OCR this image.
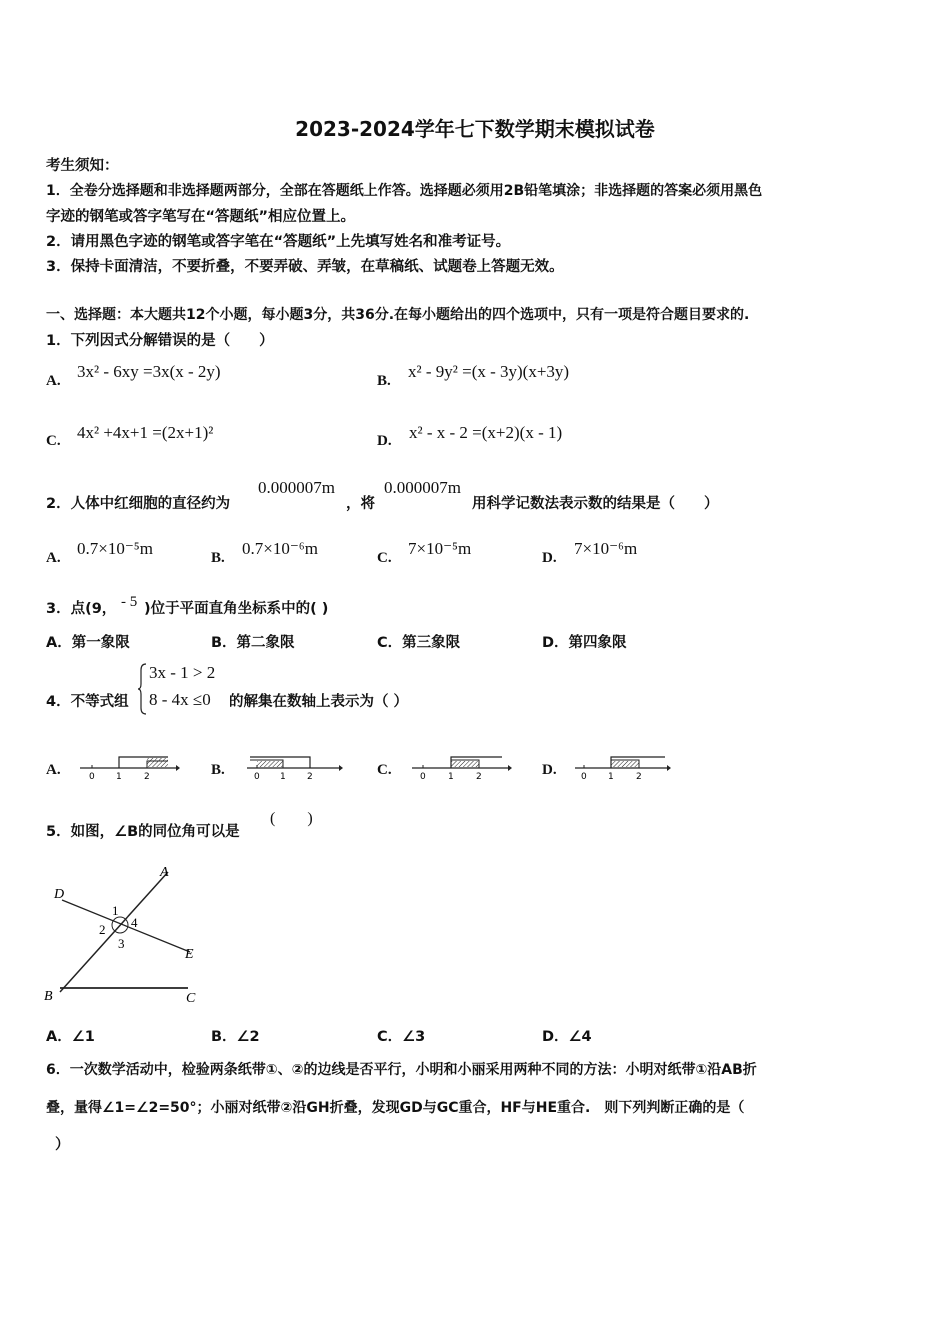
2023-2024学年七下数学期末模拟试卷
考生须知：
1．全卷分选择题和非选择题两部分，全部在答题纸上作答。选择题必须用2B铅笔填涂；非选择题的答案必须用黑色
字迹的钢笔或答字笔写在“答题纸”相应位置上。
2．请用黑色字迹的钢笔或答字笔在“答题纸”上先填写姓名和准考证号。
3．保持卡面清洁，不要折叠，不要弄破、弄皱，在草稿纸、试题卷上答题无效。
一、选择题：本大题共12个小题，每小题3分，共36分.在每小题给出的四个选项中，只有一项是符合题目要求的.
1．下列因式分解错误的是（　　）
A. 3x² - 6xy =3x(x - 2y)	B. x² - 9y² =(x - 3y)(x+3y)
C. 4x² +4x+1 =(2x+1)²	D. x² - x - 2 =(x+2)(x - 1)
2．人体中红细胞的直径约为
0.000007m
，将
0.000007m
用科学记数法表示数的结果是（　　）
A. 0.7×10⁻⁵m	B. 0.7×10⁻⁶m	C. 7×10⁻⁵m	D. 7×10⁻⁶m
3．点(9， - 5 )位于平面直角坐标系中的( )
A．第一象限	B．第二象限	C．第三象限	D．第四象限
4．不等式组
3x - 1 > 2
8 - 4x ≤0 的解集在数轴上表示为（ ）
A.	0 1 2	B.	0 1 2	C.	0 1 2	D.	0 1 2
5．如图，∠B的同位角可以是
(　　)
A
D
E
B	C
1
2
3
4
A．∠1	B．∠2	C．∠3	D．∠4
6．一次数学活动中，检验两条纸带①、②的边线是否平行，小明和小丽采用两种不同的方法：小明对纸带①沿AB折
叠，量得∠1=∠2=50°；小丽对纸带②沿GH折叠，发现GD与GC重合，HF与HE重合.　则下列判断正确的是（
）
